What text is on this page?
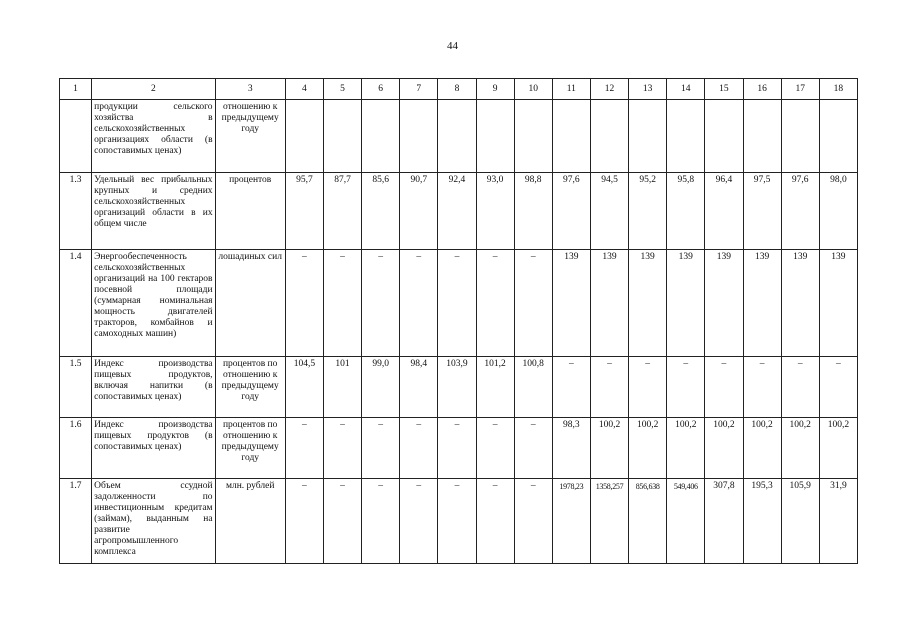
44
1	2	3	4	5	6	7	8	9	10	11	12	13	14	15	16	17	18
	продукции сельского хозяйства в сельскохозяйственных организациях области (в сопоставимых ценах)	отношению к предыдущему году															
1.3	Удельный вес прибыльных крупных и средних сельскохозяйственных организаций области в их общем числе	процентов	95,7	87,7	85,6	90,7	92,4	93,0	98,8	97,6	94,5	95,2	95,8	96,4	97,5	97,6	98,0
1.4	Энергообеспеченность сельскохозяйственных организаций на 100 гектаров посевной площади (суммарная номинальная мощность двигателей тракторов, комбайнов и самоходных машин)	лошадиных сил	–	–	–	–	–	–	–	139	139	139	139	139	139	139	139
1.5	Индекс производства пищевых продуктов, включая напитки (в сопоставимых ценах)	процентов по отношению к предыдущему году	104,5	101	99,0	98,4	103,9	101,2	100,8	–	–	–	–	–	–	–	–
1.6	Индекс производства пищевых продуктов (в сопоставимых ценах)	процентов по отношению к предыдущему году	–	–	–	–	–	–	–	98,3	100,2	100,2	100,2	100,2	100,2	100,2	100,2
1.7	Объем ссудной задолженности по инвестиционным кредитам (займам), выданным на развитие агропромышленного комплекса	млн. рублей	–	–	–	–	–	–	–	1978,23	1358,257	856,638	549,406	307,8	195,3	105,9	31,9
